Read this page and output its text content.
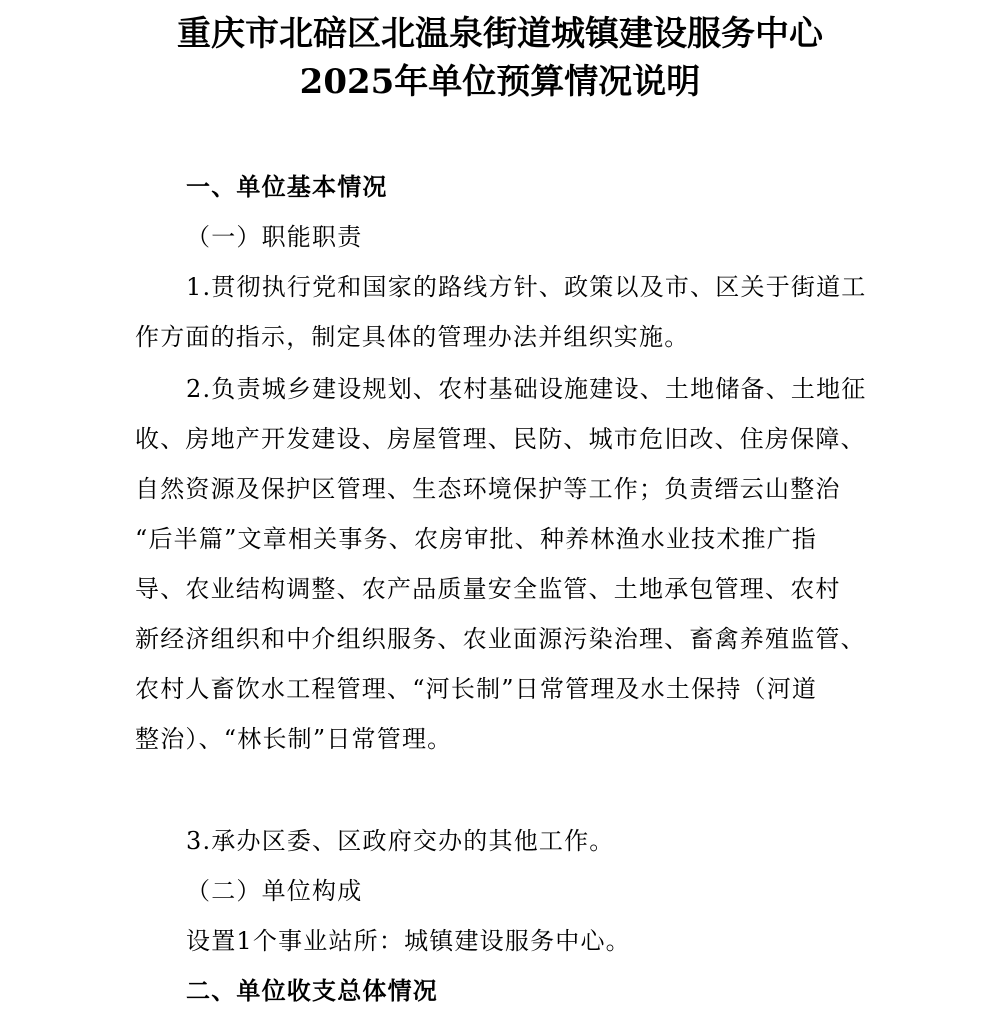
重庆市北碚区北温泉街道城镇建设服务中心
2025年单位预算情况说明
一、单位基本情况
（一）职能职责
1.贯彻执行党和国家的路线方针、政策以及市、区关于街道工
作方面的指示，制定具体的管理办法并组织实施。
2.负责城乡建设规划、农村基础设施建设、土地储备、土地征
收、房地产开发建设、房屋管理、民防、城市危旧改、住房保障、
自然资源及保护区管理、生态环境保护等工作；负责缙云山整治
“后半篇”文章相关事务、农房审批、种养林渔水业技术推广指
导、农业结构调整、农产品质量安全监管、土地承包管理、农村
新经济组织和中介组织服务、农业面源污染治理、畜禽养殖监管、
农村人畜饮水工程管理、“河长制”日常管理及水土保持（河道
整治）、“林长制”日常管理。
3.承办区委、区政府交办的其他工作。
（二）单位构成
设置1个事业站所：城镇建设服务中心。
二、单位收支总体情况
